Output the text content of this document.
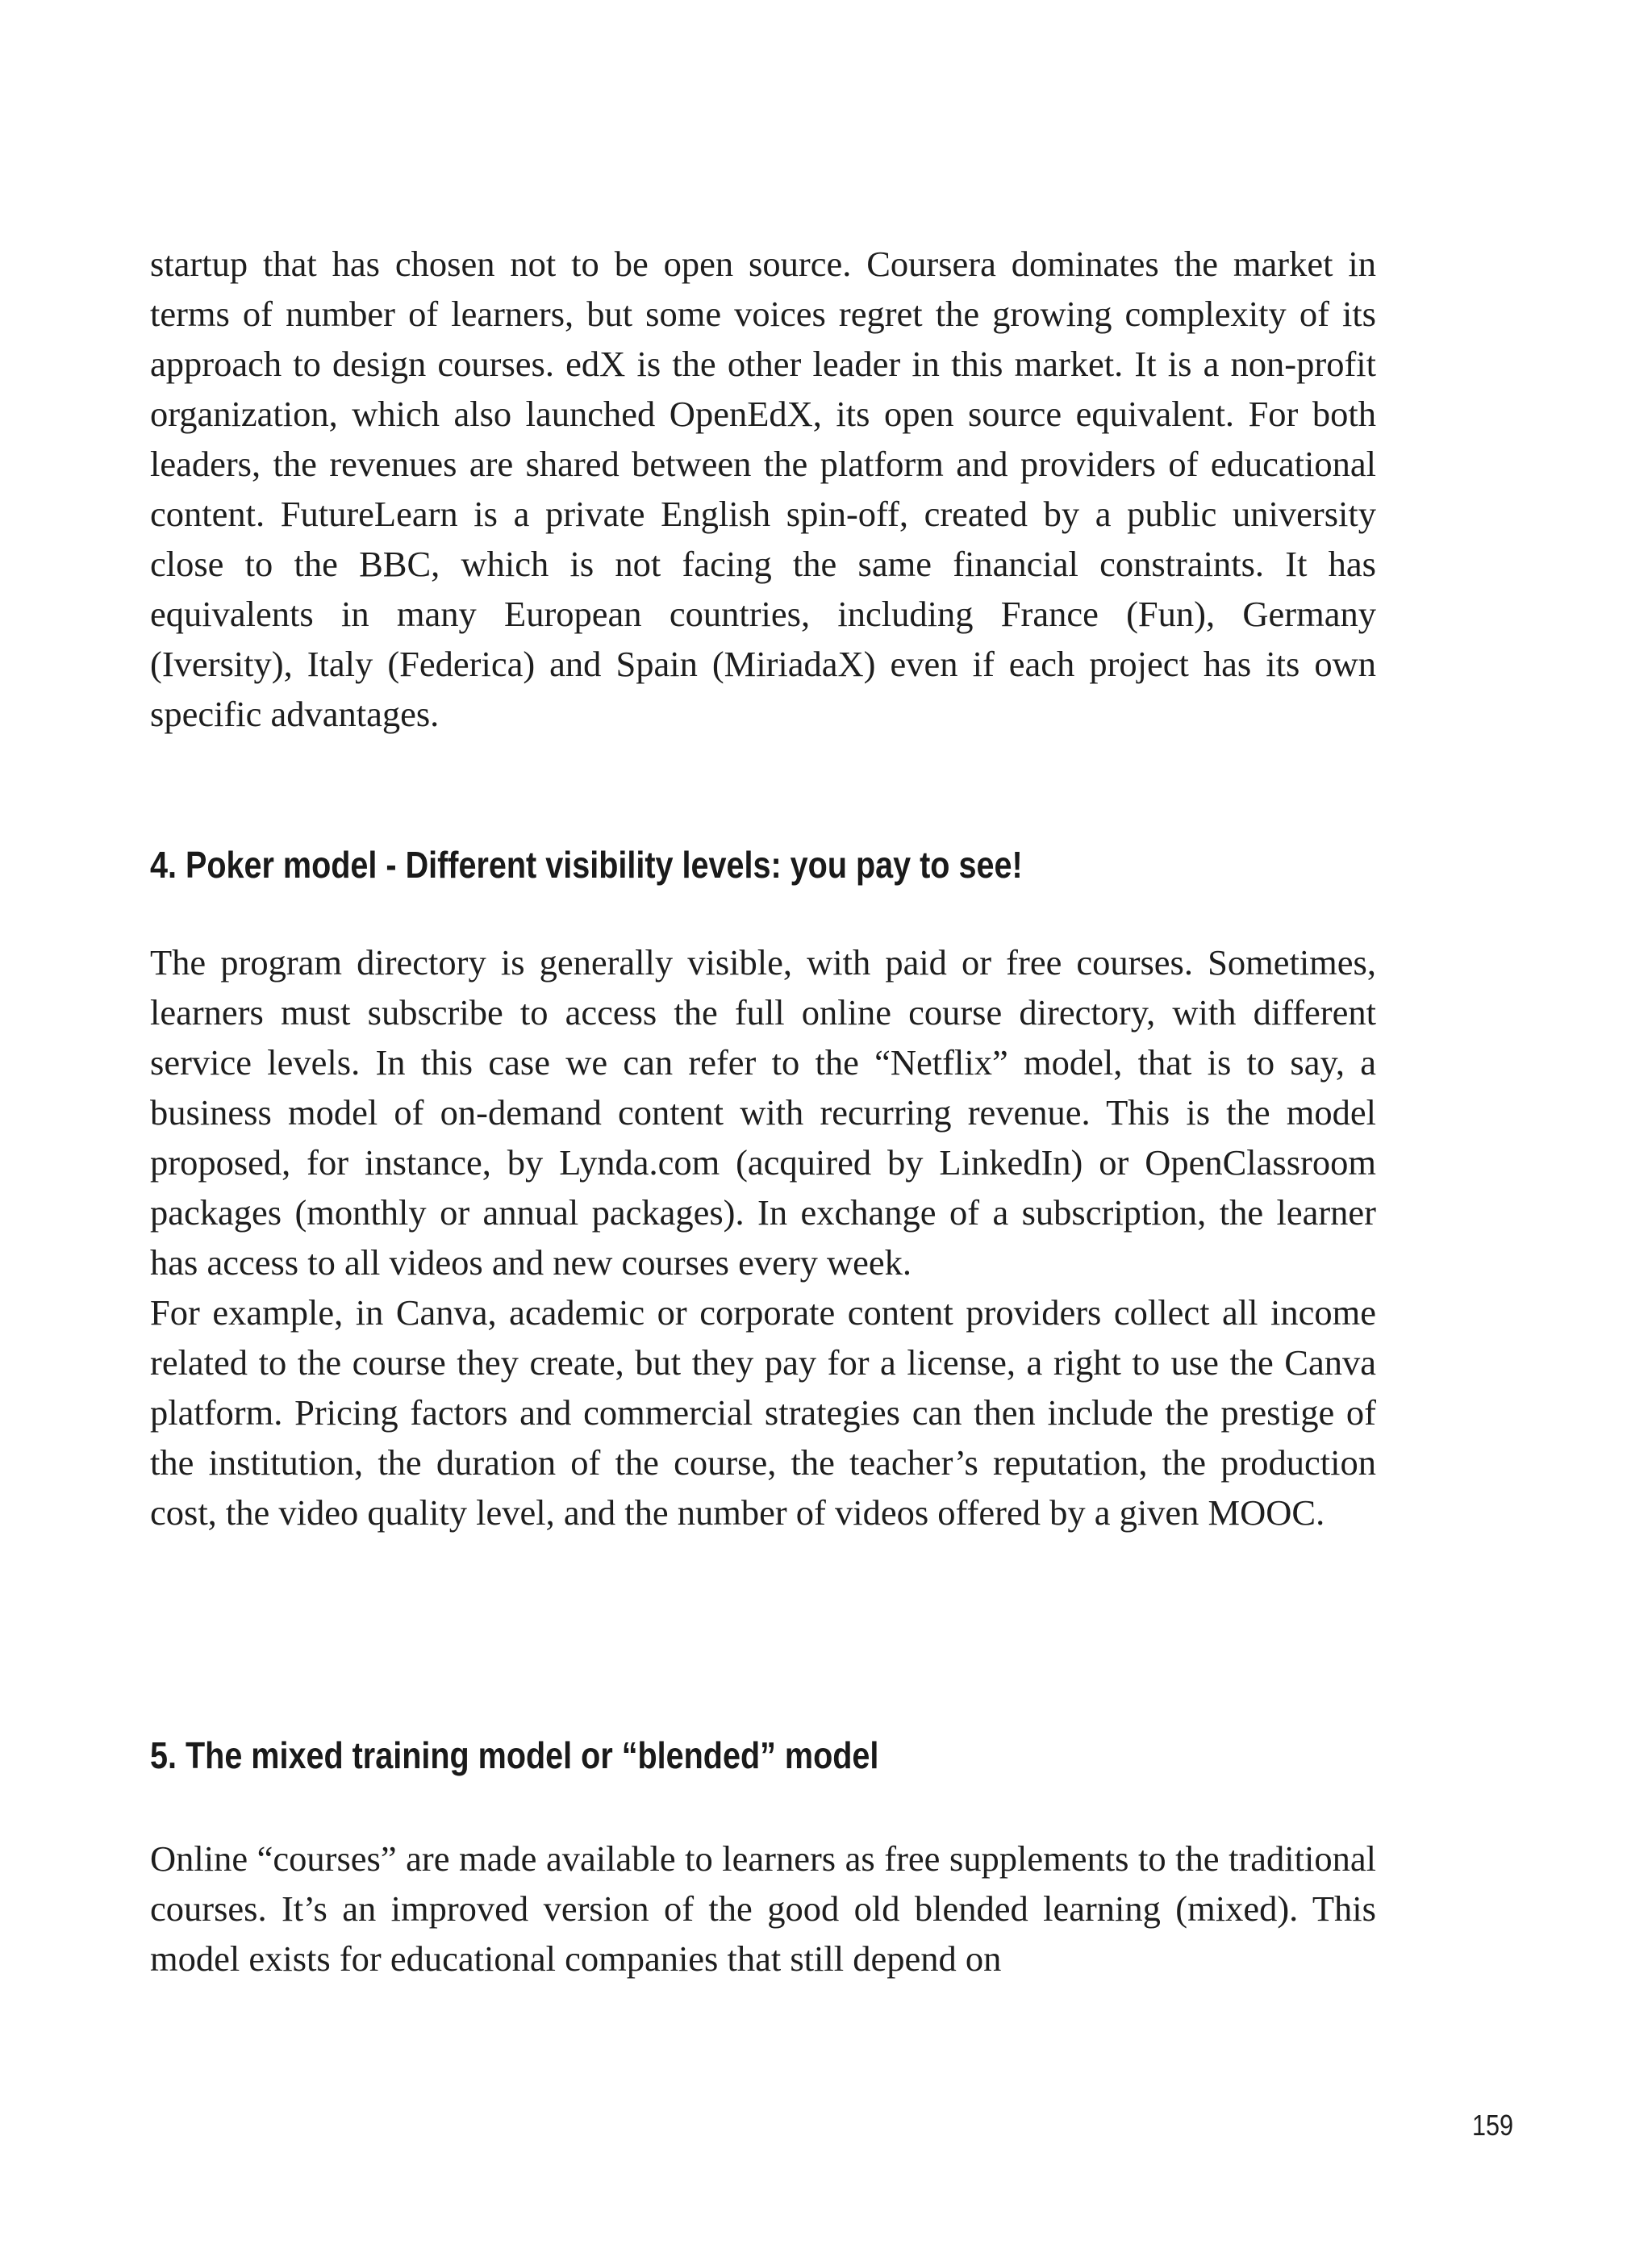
startup that has chosen not to be open source. Coursera dominates the market in terms of number of learners, but some voices regret the growing complexity of its approach to design courses. edX is the other leader in this market. It is a non-profit organization, which also launched OpenEdX, its open source equivalent. For both leaders, the revenues are shared between the platform and providers of educational content. FutureLearn is a private English spin-off, created by a public university close to the BBC, which is not facing the same financial constraints. It has equivalents in many European countries, including France (Fun), Germany (Iversity), Italy (Federica) and Spain (MiriadaX) even if each project has its own specific advantages.

4. Poker model - Different visibility levels: you pay to see!

The program directory is generally visible, with paid or free courses. Sometimes, learners must subscribe to access the full online course directory, with different service levels. In this case we can refer to the “Netflix” model, that is to say, a business model of on-demand content with recurring revenue. This is the model proposed, for instance, by Lynda.com (acquired by LinkedIn) or OpenClassroom packages (monthly or annual packages). In exchange of a subscription, the learner has access to all videos and new courses every week.

For example, in Canva, academic or corporate content providers collect all income related to the course they create, but they pay for a license, a right to use the Canva platform. Pricing factors and commercial strategies can then include the prestige of the institution, the duration of the course, the teacher’s reputation, the production cost, the video quality level, and the number of videos offered by a given MOOC.

5. The mixed training model or “blended” model

Online “courses” are made available to learners as free supplements to the traditional courses. It’s an improved version of the good old blended learning (mixed). This model exists for educational companies that still depend on

159
